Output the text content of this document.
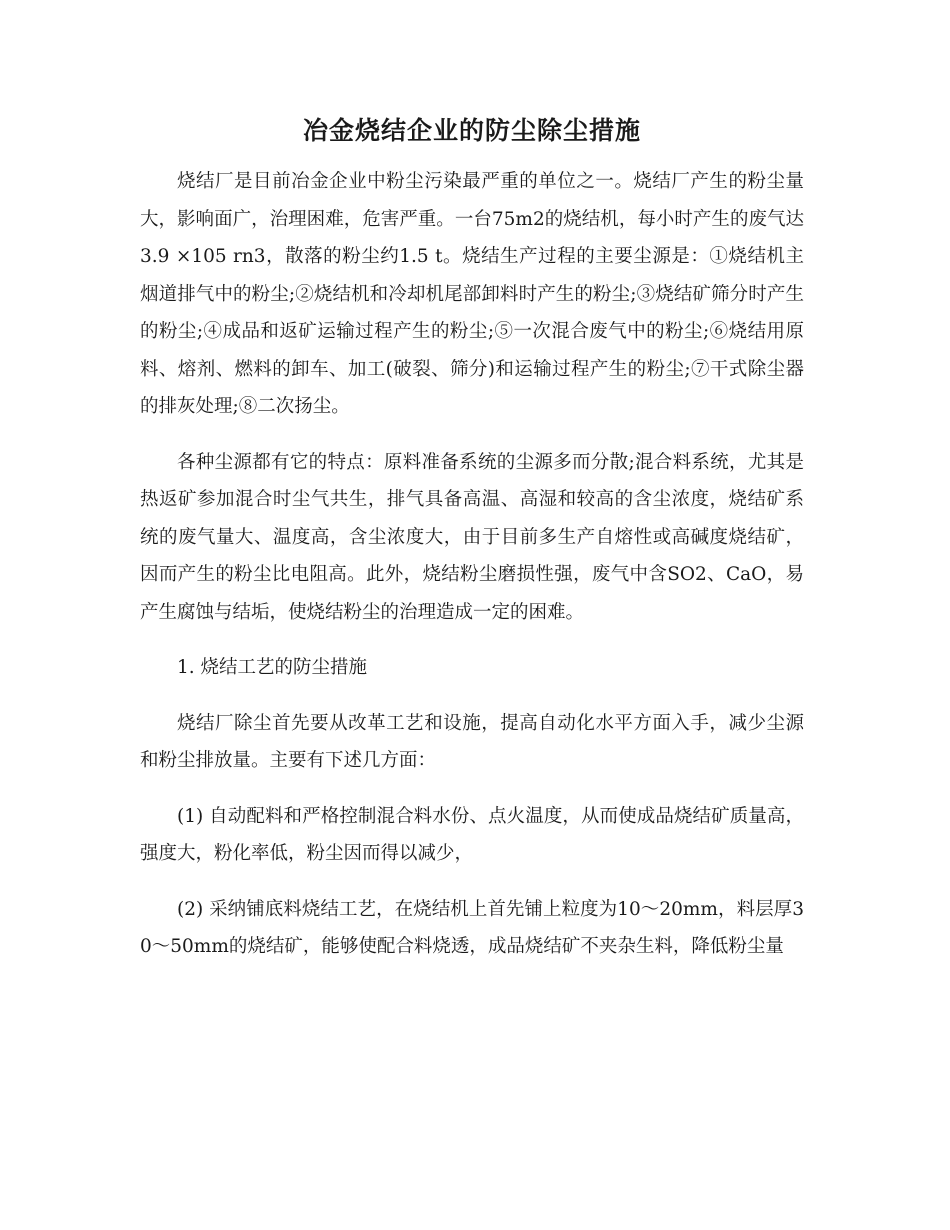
冶金烧结企业的防尘除尘措施

烧结厂是目前冶金企业中粉尘污染最严重的单位之一。烧结厂产生的粉尘量大，影响面广，治理困难，危害严重。一台75m2的烧结机，每小时产生的废气达3.9 ×105 rn3，散落的粉尘约1.5 t。烧结生产过程的主要尘源是：①烧结机主烟道排气中的粉尘;②烧结机和冷却机尾部卸料时产生的粉尘;③烧结矿筛分时产生的粉尘;④成品和返矿运输过程产生的粉尘;⑤一次混合废气中的粉尘;⑥烧结用原料、熔剂、燃料的卸车、加工(破裂、筛分)和运输过程产生的粉尘;⑦干式除尘器的排灰处理;⑧二次扬尘。

各种尘源都有它的特点：原料准备系统的尘源多而分散;混合料系统，尤其是热返矿参加混合时尘气共生，排气具备高温、高湿和较高的含尘浓度，烧结矿系统的废气量大、温度高，含尘浓度大，由于目前多生产自熔性或高碱度烧结矿，因而产生的粉尘比电阻高。此外，烧结粉尘磨损性强，废气中含SO2、CaO，易产生腐蚀与结垢，使烧结粉尘的治理造成一定的困难。

1. 烧结工艺的防尘措施

烧结厂除尘首先要从改革工艺和设施，提高自动化水平方面入手，减少尘源和粉尘排放量。主要有下述几方面：

(1) 自动配料和严格控制混合料水份、点火温度，从而使成品烧结矿质量高，强度大，粉化率低，粉尘因而得以减少，

(2) 采纳铺底料烧结工艺，在烧结机上首先铺上粒度为10～20mm，料层厚30～50mm的烧结矿，能够使配合料烧透，成品烧结矿不夹杂生料，降低粉尘量
